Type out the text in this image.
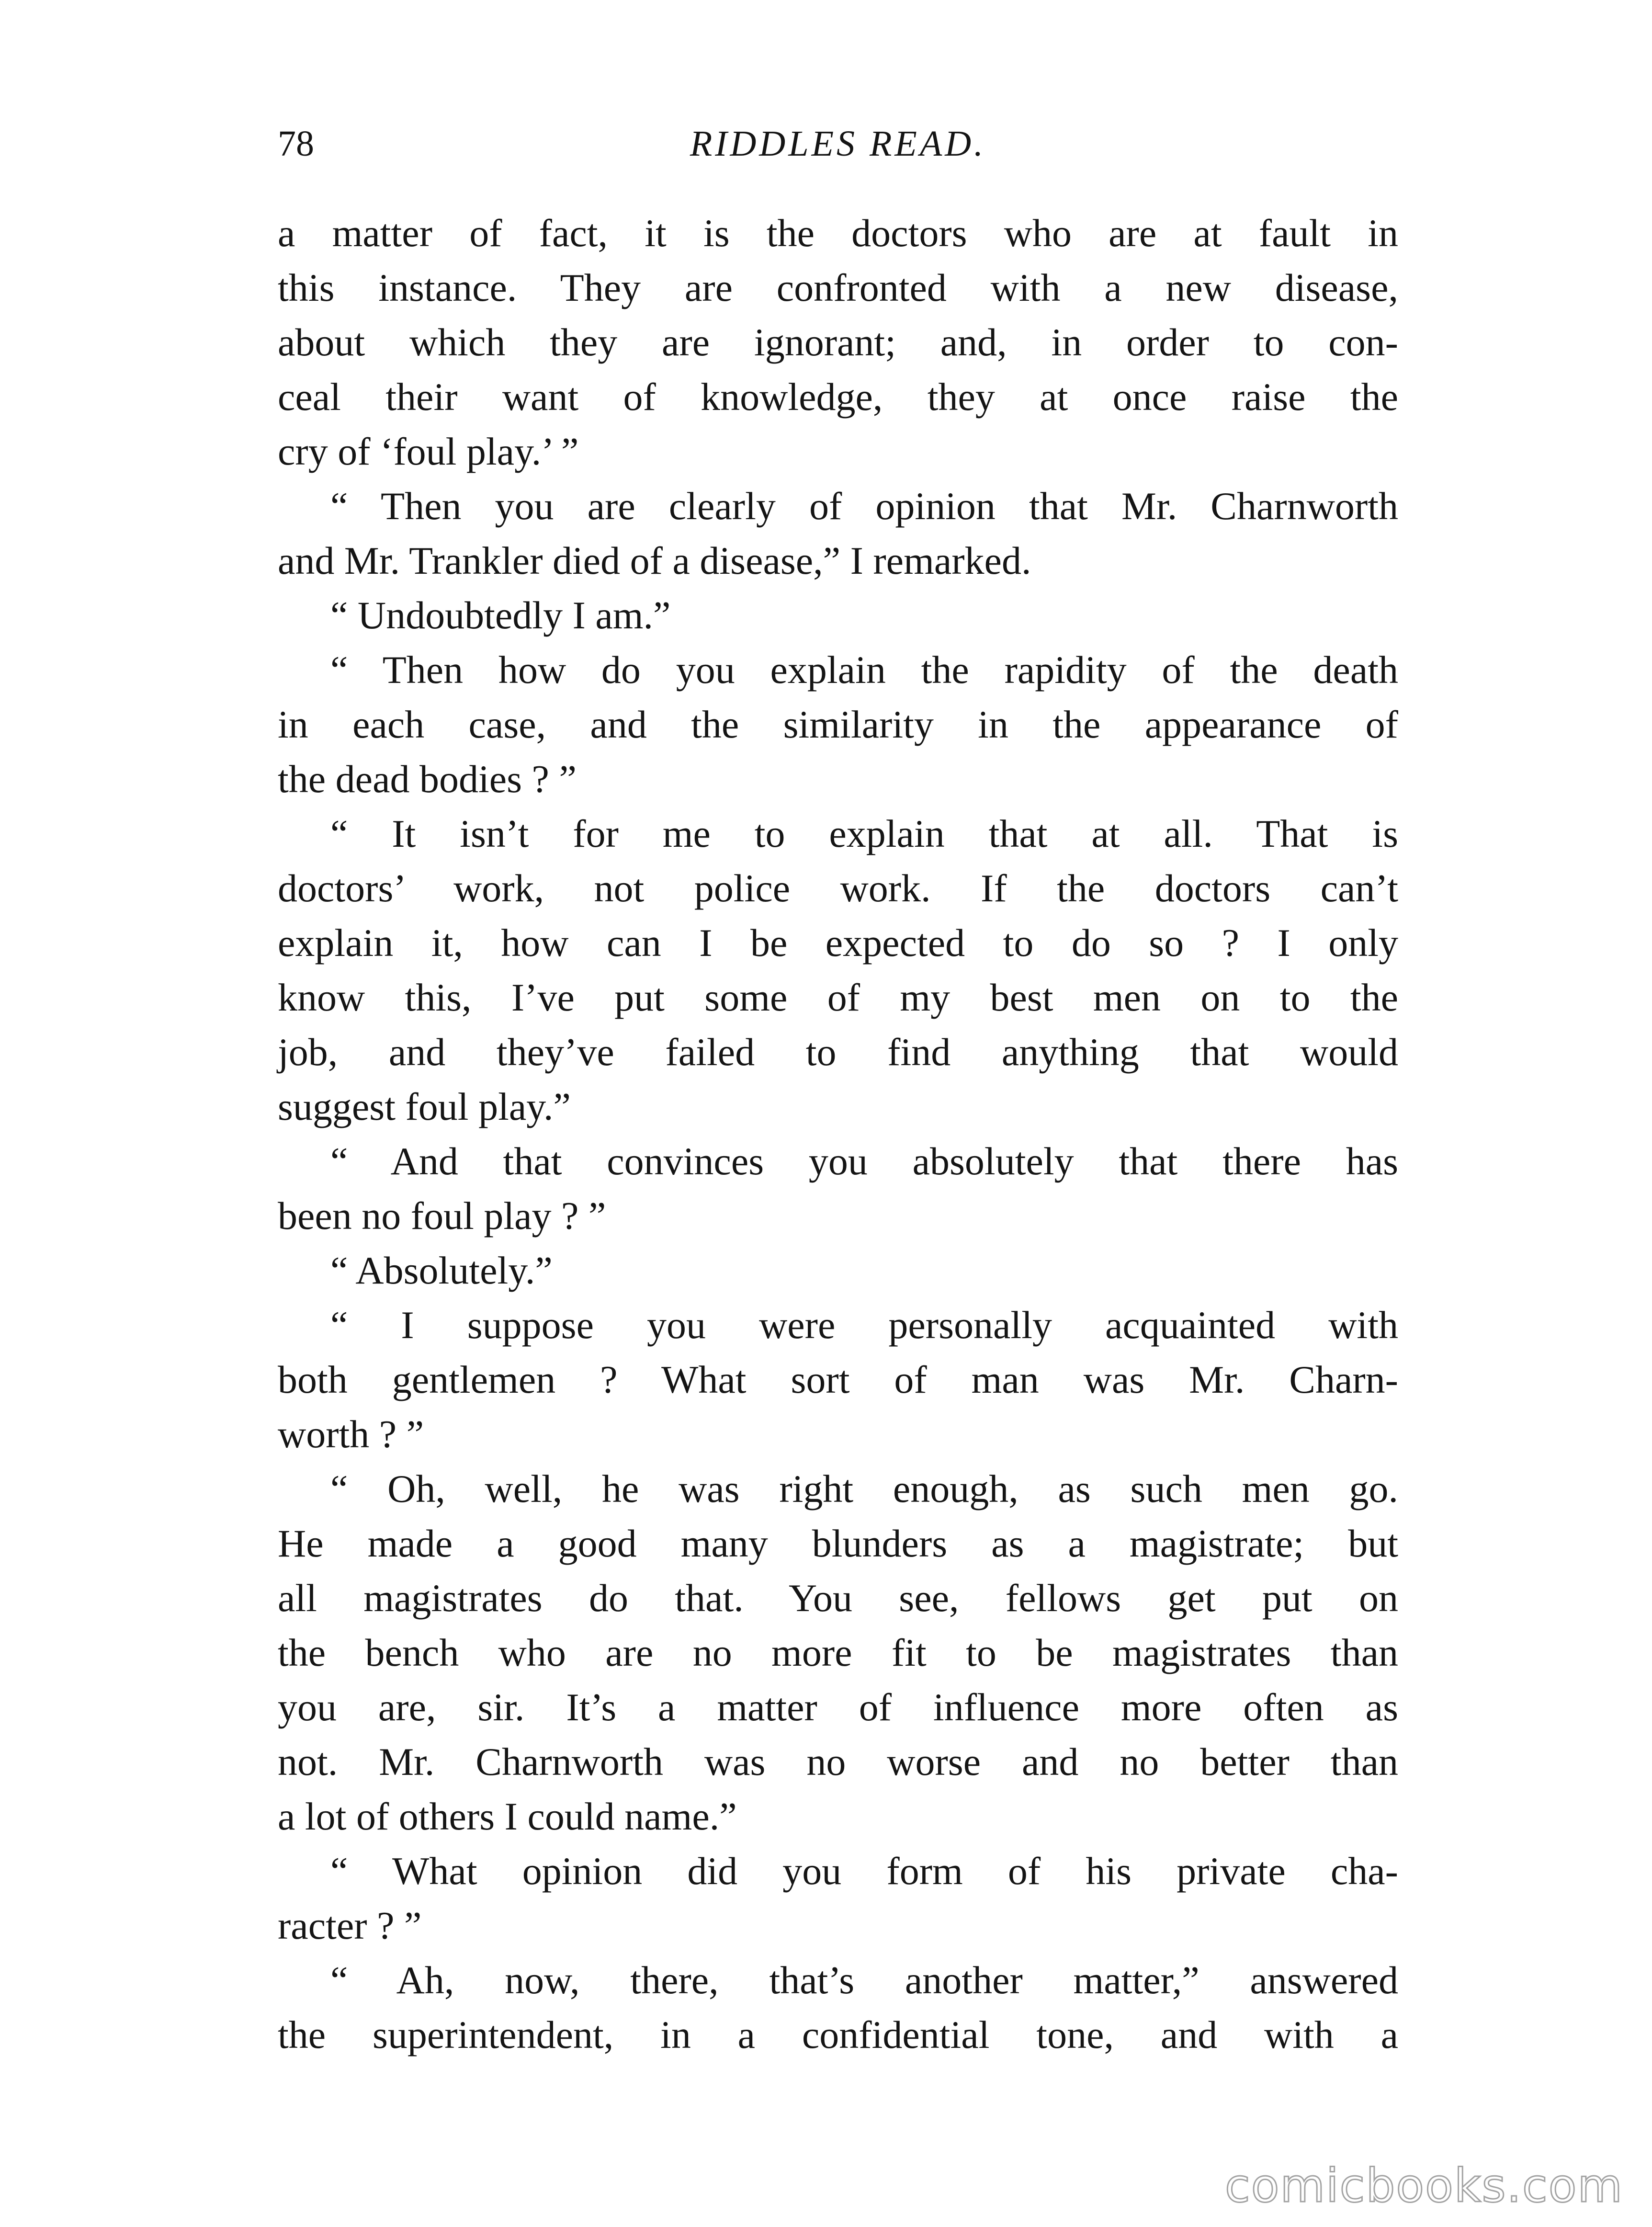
78	RIDDLES READ.
a matter of fact, it is the doctors who are at fault in
this instance. They are confronted with a new disease,
about which they are ignorant; and, in order to con-
ceal their want of knowledge, they at once raise the
cry of ‘foul play.’ ”
“ Then you are clearly of opinion that Mr. Charnworth
and Mr. Trankler died of a disease,” I remarked.
“ Undoubtedly I am.”
“ Then how do you explain the rapidity of the death
in each case, and the similarity in the appearance of
the dead bodies ? ”
“ It isn’t for me to explain that at all. That is
doctors’ work, not police work. If the doctors can’t
explain it, how can I be expected to do so ? I only
know this, I’ve put some of my best men on to the
job, and they’ve failed to find anything that would
suggest foul play.”
“ And that convinces you absolutely that there has
been no foul play ? ”
“ Absolutely.”
“ I suppose you were personally acquainted with
both gentlemen ? What sort of man was Mr. Charn-
worth ? ”
“ Oh, well, he was right enough, as such men go.
He made a good many blunders as a magistrate; but
all magistrates do that. You see, fellows get put on
the bench who are no more fit to be magistrates than
you are, sir. It’s a matter of influence more often as
not. Mr. Charnworth was no worse and no better than
a lot of others I could name.”
“ What opinion did you form of his private cha-
racter ? ”
“ Ah, now, there, that’s another matter,” answered
the superintendent, in a confidential tone, and with a
comicbooks.com
